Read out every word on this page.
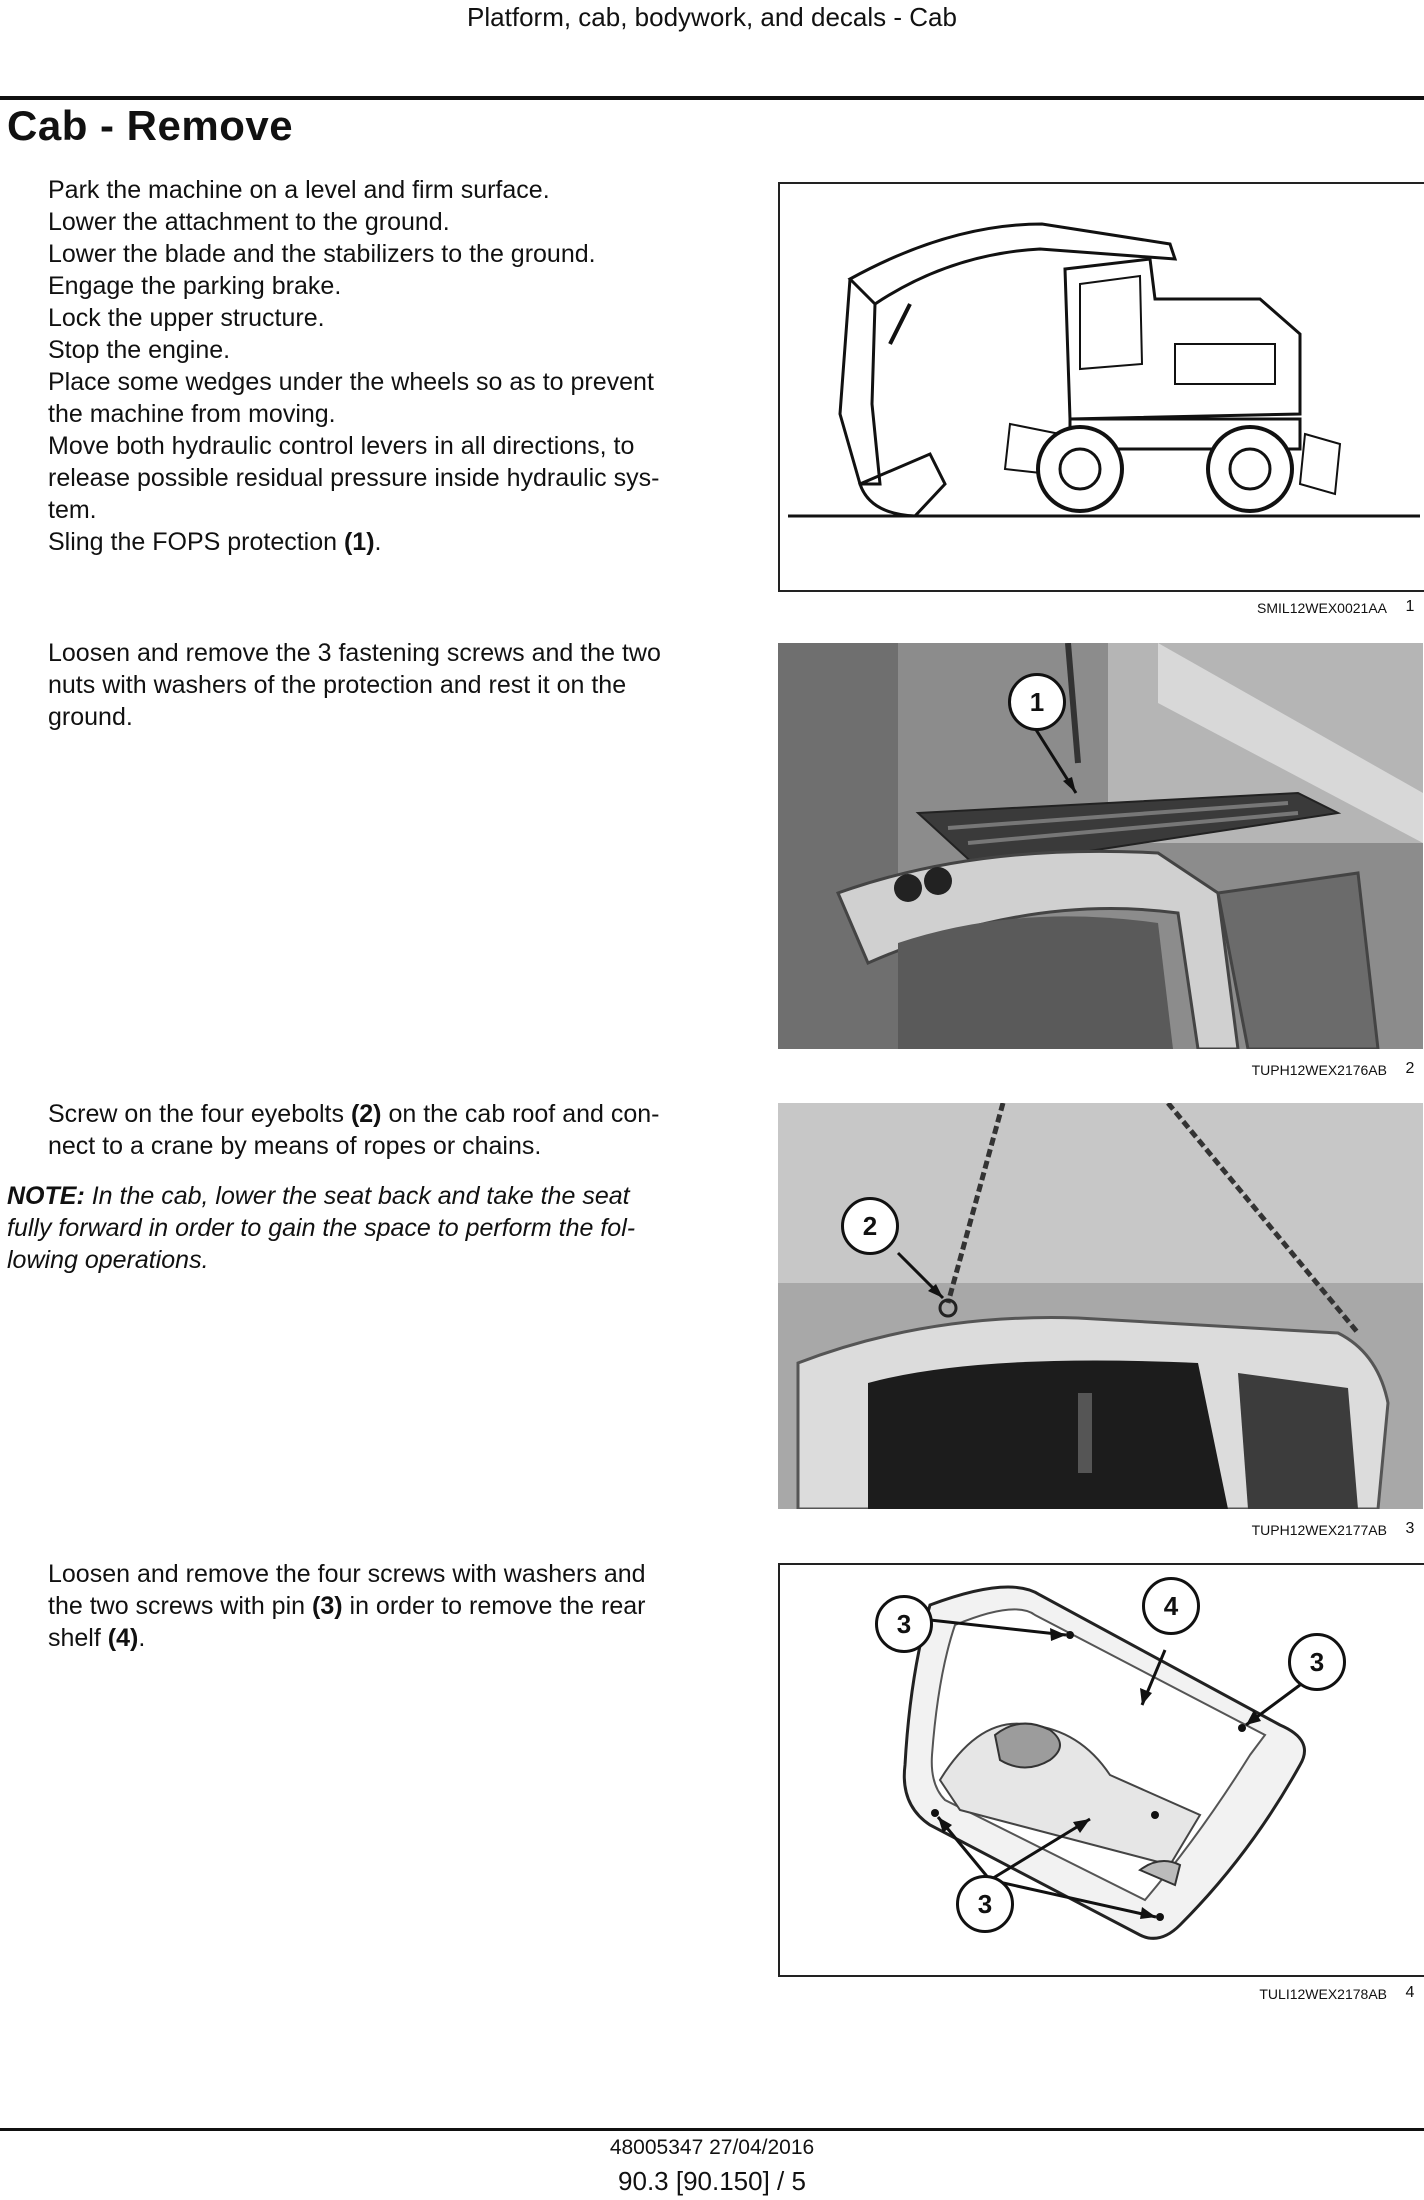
Platform, cab, bodywork, and decals - Cab
Cab - Remove
Park the machine on a level and firm surface.
Lower the attachment to the ground.
Lower the blade and the stabilizers to the ground.
Engage the parking brake.
Lock the upper structure.
Stop the engine.
Place some wedges under the wheels so as to prevent
the machine from moving.
Move both hydraulic control levers in all directions, to
release possible residual pressure inside hydraulic sys-
tem.
Sling the FOPS protection (1).
SMIL12WEX0021AA	1
Loosen and remove the 3 fastening screws and the two
nuts with washers of the protection and rest it on the
ground.	1
TUPH12WEX2176AB	2
Screw on the four eyebolts (2) on the cab roof and con-
nect to a crane by means of ropes or chains.
NOTE: In the cab, lower the seat back and take the seat
fully forward in order to gain the space to perform the fol-
lowing operations.
2
TUPH12WEX2177AB	3
Loosen and remove the four screws with washers and
the two screws with pin (3) in order to remove the rear
shelf (4).	3
4
3
3
TULI12WEX2178AB	4
48005347 27/04/2016
90.3 [90.150] / 5
